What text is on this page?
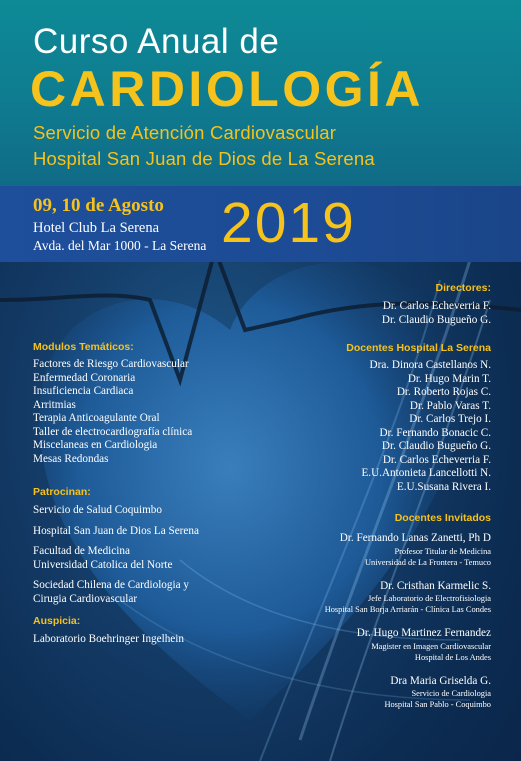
Curso Anual de
CARDIOLOGÍA
Servicio de Atención Cardiovascular
Hospital San Juan de Dios de La Serena
09, 10 de Agosto
Hotel Club La Serena
Avda. del Mar 1000 - La Serena 2019
Directores:
Dr. Carlos Echeverria F.
Dr. Claudio Bugueño G.
Docentes Hospital La Serena
Dra. Dinora Castellanos N.
Dr. Hugo Marin T.
Dr. Roberto Rojas C.
Dr. Pablo Varas T.
Dr. Carlos Trejo I.
Dr. Fernando Bonacic C.
Dr. Claudio Bugueño G.
Dr. Carlos Echeverria F.
E.U.Antonieta Lancellotti N.
E.U.Susana Rivera I.
Docentes Invitados
Dr. Fernando Lanas Zanetti, Ph D
Profesor Titular de Medicina
Universidad de La Frontera - Temuco
Dr. Cristhan Karmelic S.
Jefe Laboratorio de Electrofisiologia
Hospital San Borja Arriarán - Clínica Las Condes
Dr. Hugo Martinez Fernandez
Magister en Imagen Cardiovascular
Hospital de Los Andes
Dra Maria Griselda G.
Servicio de Cardiologia
Hospital San Pablo - Coquimbo
Modulos Temáticos:
Factores de Riesgo Cardiovascular
Enfermedad Coronaria
Insuficiencia Cardiaca
Arritmias
Terapia Anticoagulante Oral
Taller de electrocardiografía clínica
Miscelaneas en Cardiologia
Mesas Redondas
Patrocinan:
Servicio de Salud Coquimbo
Hospital San Juan de Dios La Serena
Facultad de Medicina
Universidad Catolica del Norte
Sociedad Chilena de Cardiologia y
Cirugia Cardiovascular
Auspicia:
Laboratorio Boehringer Ingelhein
